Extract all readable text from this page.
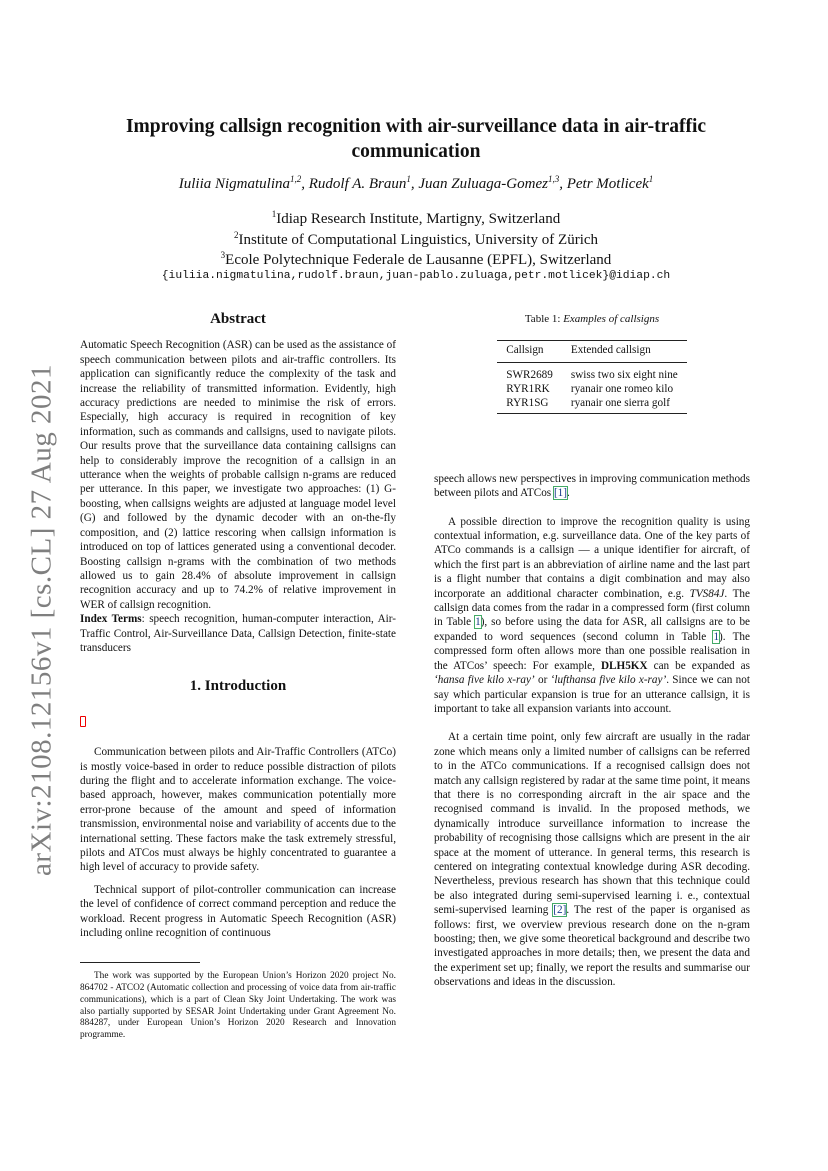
arXiv:2108.12156v1 [cs.CL] 27 Aug 2021
Improving callsign recognition with air-surveillance data in air-traffic communication
Iuliia Nigmatulina$^{1,2}$, Rudolf A. Braun$^1$, Juan Zuluaga-Gomez$^{1,3}$, Petr Motlicek$^1$
$^1$Idiap Research Institute, Martigny, Switzerland
$^2$Institute of Computational Linguistics, University of Zürich
$^3$Ecole Polytechnique Federale de Lausanne (EPFL), Switzerland
{iuliia.nigmatulina,rudolf.braun,juan-pablo.zuluaga,petr.motlicek}@idiap.ch
Abstract

Automatic Speech Recognition (ASR) can be used as the assistance of speech communication between pilots and air-traffic controllers. Its application can significantly reduce the complexity of the task and increase the reliability of transmitted information. Evidently, high accuracy predictions are needed to minimise the risk of errors. Especially, high accuracy is required in recognition of key information, such as commands and callsigns, used to navigate pilots. Our results prove that the surveillance data containing callsigns can help to considerably improve the recognition of a callsign in an utterance when the weights of probable callsign n-grams are reduced per utterance. In this paper, we investigate two approaches: (1) G-boosting, when callsigns weights are adjusted at language model level (G) and followed by the dynamic decoder with an on-the-fly composition, and (2) lattice rescoring when callsign information is introduced on top of lattices generated using a conventional decoder. Boosting callsign n-grams with the combination of two methods allowed us to gain 28.4% of absolute improvement in callsign recognition accuracy and up to 74.2% of relative improvement in WER of callsign recognition.

Index Terms: speech recognition, human-computer interaction, Air-Traffic Control, Air-Surveillance Data, Callsign Detection, finite-state transducers

1. Introduction

Communication between pilots and Air-Traffic Controllers (ATCo) is mostly voice-based in order to reduce possible distraction of pilots during the flight and to accelerate information exchange. The voice-based approach, however, makes communication potentially more error-prone because of the amount and speed of information transmission, environmental noise and variability of accents due to the international setting. These factors make the task extremely stressful, pilots and ATCos must always be highly concentrated to guarantee a high level of accuracy to provide safety.

Technical support of pilot-controller communication can increase the level of confidence of correct command perception and reduce the workload. Recent progress in Automatic Speech Recognition (ASR) including online recognition of continuous

The work was supported by the European Union’s Horizon 2020 project No. 864702 - ATCO2 (Automatic collection and processing of voice data from air-traffic communications), which is a part of Clean Sky Joint Undertaking. The work was also partially supported by SESAR Joint Undertaking under Grant Agreement No. 884287, under European Union’s Horizon 2020 Research and Innovation programme.

Table 1: Examples of callsigns
Callsign	Extended callsign
SWR2689	swiss two six eight nine
RYR1RK	ryanair one romeo kilo
RYR1SG	ryanair one sierra golf

speech allows new perspectives in improving communication methods between pilots and ATCos [1].

A possible direction to improve the recognition quality is using contextual information, e.g. surveillance data. One of the key parts of ATCo commands is a callsign — a unique identifier for aircraft, of which the first part is an abbreviation of airline name and the last part is a flight number that contains a digit combination and may also incorporate an additional character combination, e.g. TVS84J. The callsign data comes from the radar in a compressed form (first column in Table 1), so before using the data for ASR, all callsigns are to be expanded to word sequences (second column in Table 1). The compressed form often allows more than one possible realisation in the ATCos’ speech: For example, DLH5KX can be expanded as ‘hansa five kilo x-ray’ or ‘lufthansa five kilo x-ray’. Since we can not say which particular expansion is true for an utterance callsign, it is important to take all expansion variants into account.

At a certain time point, only few aircraft are usually in the radar zone which means only a limited number of callsigns can be referred to in the ATCo communications. If a recognised callsign does not match any callsign registered by radar at the same time point, it means that there is no corresponding aircraft in the air space and the recognised command is invalid. In the proposed methods, we dynamically introduce surveillance information to increase the probability of recognising those callsigns which are present in the air space at the moment of utterance. In general terms, this research is centered on integrating contextual knowledge during ASR decoding. Nevertheless, previous research has shown that this technique could be also integrated during semi-supervised learning i. e., contextual semi-supervised learning [2]. The rest of the paper is organised as follows: first, we overview previous research done on the n-gram boosting; then, we give some theoretical background and describe two investigated approaches in more details; then, we present the data and the experiment set up; finally, we report the results and summarise our observations and ideas in the discussion.
